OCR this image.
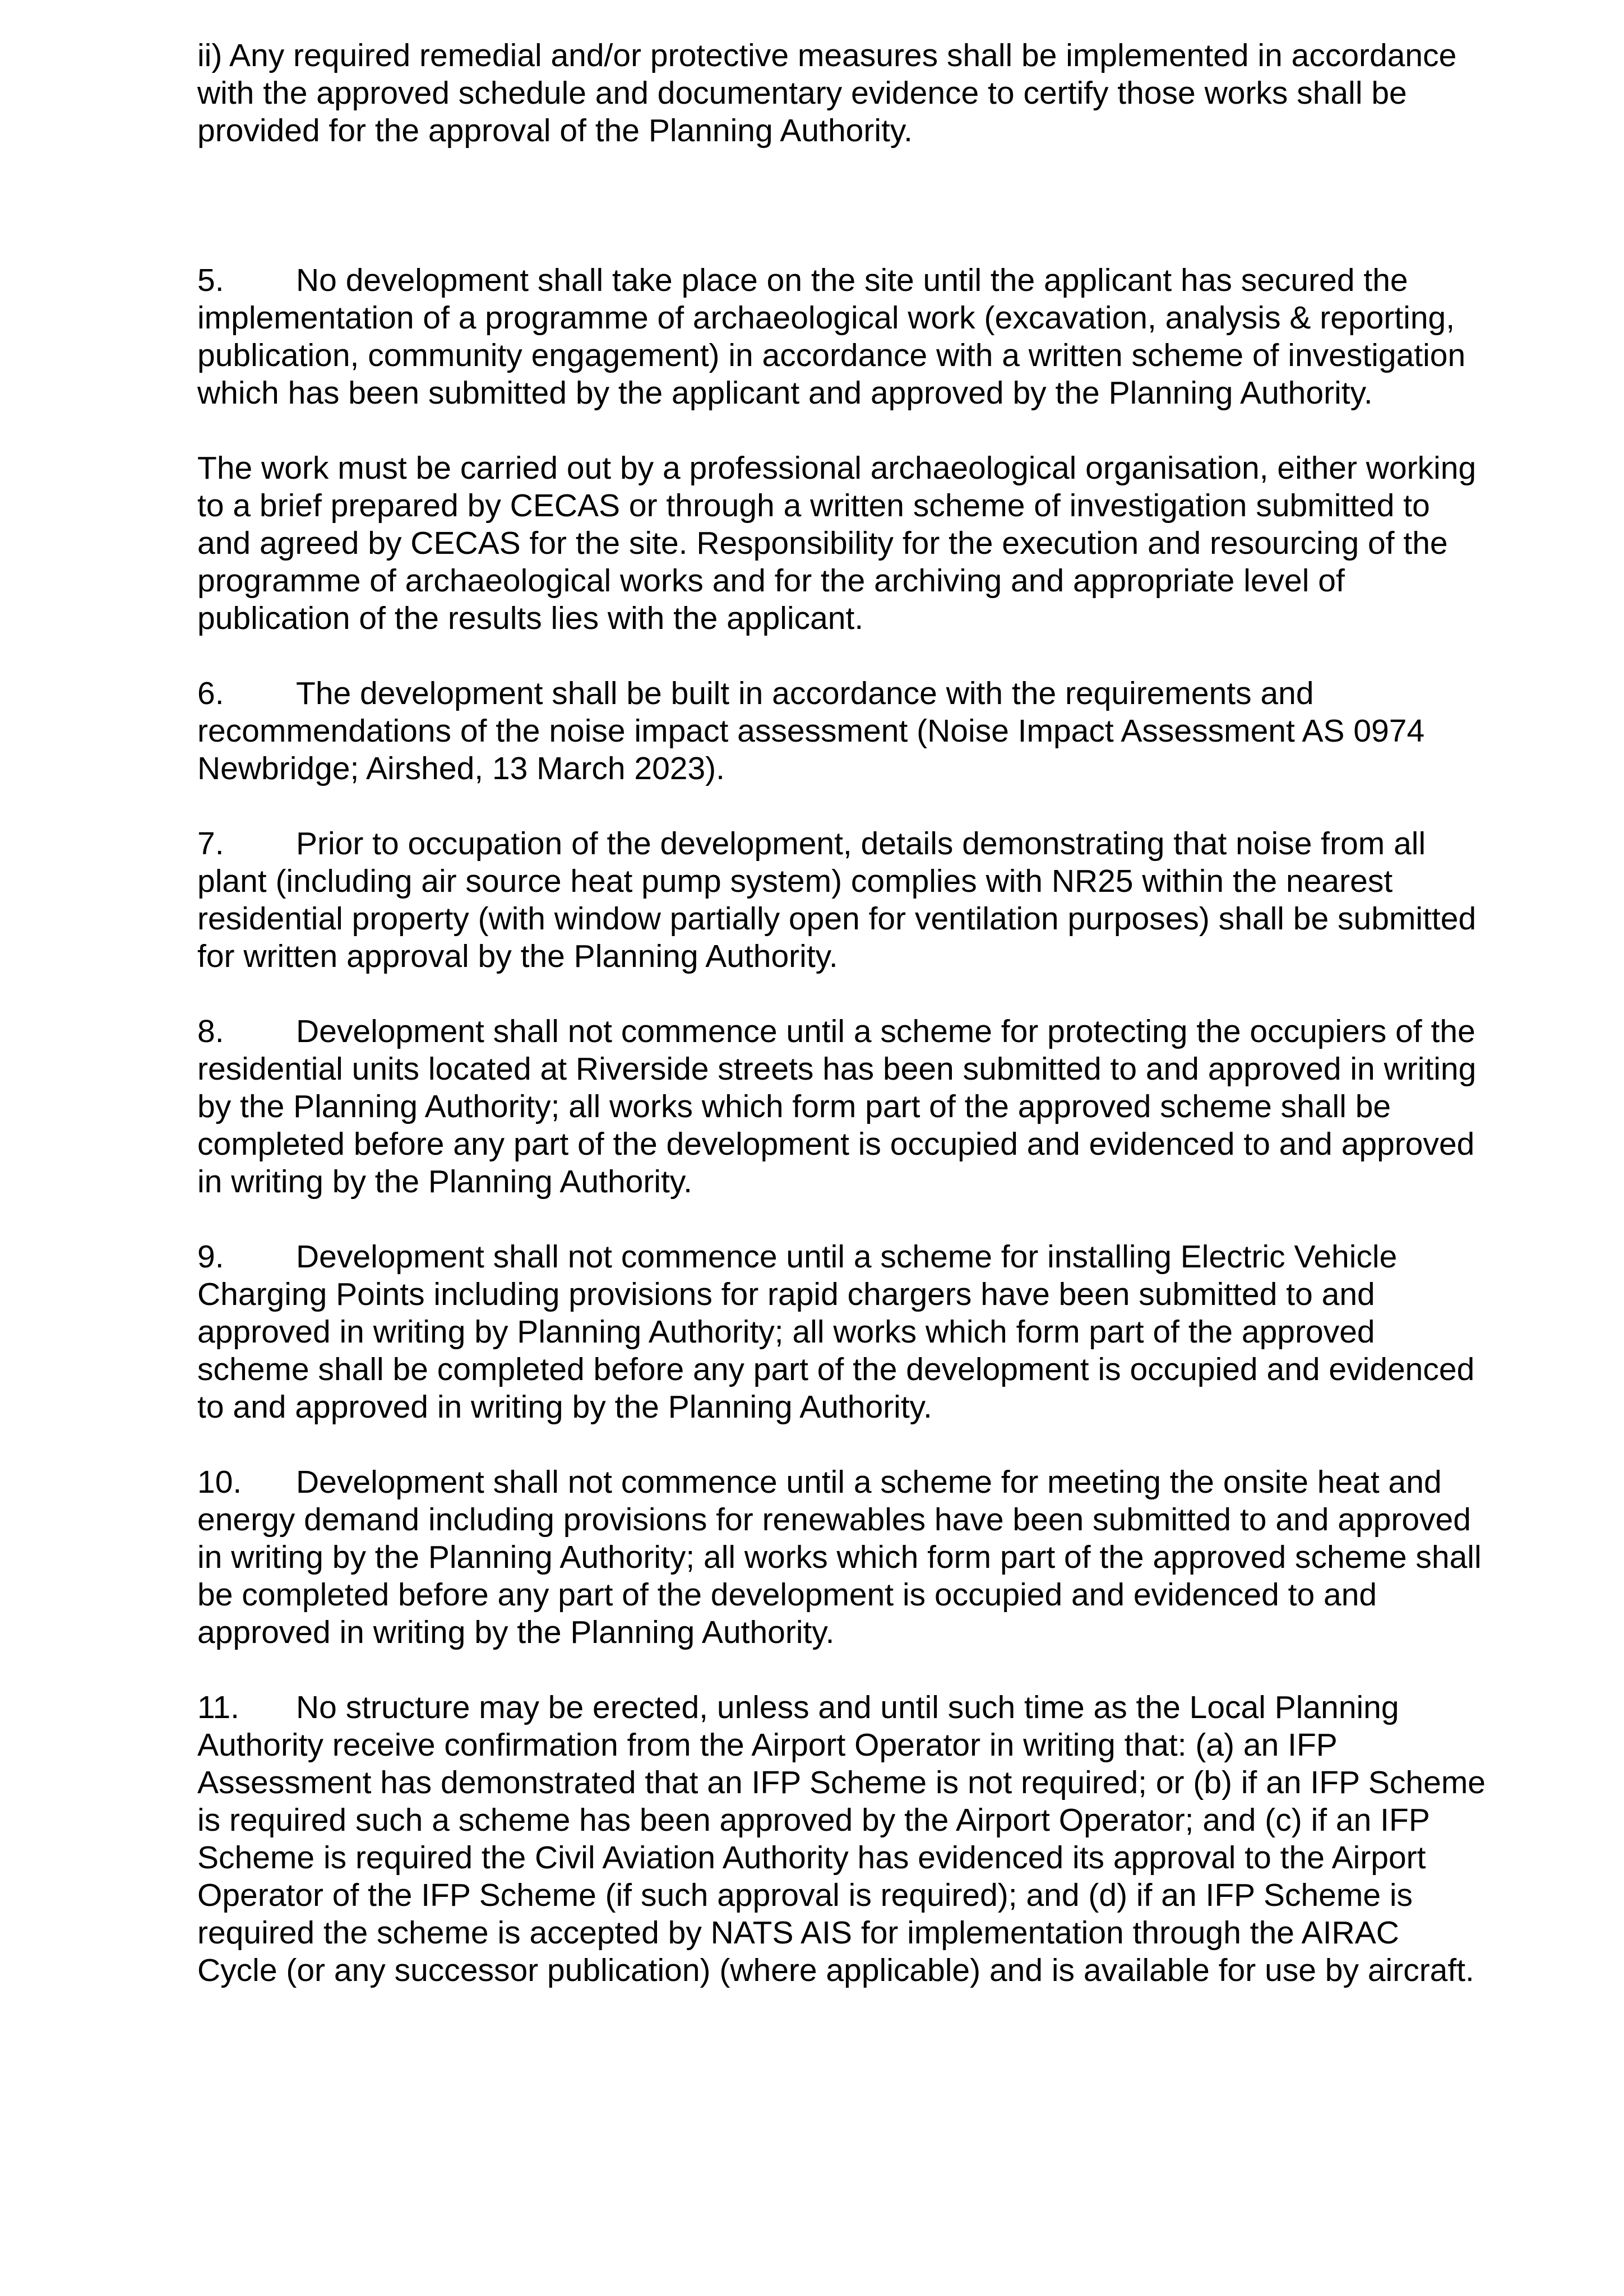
ii) Any required remedial and/or protective measures shall be implemented in accordance with the approved schedule and documentary evidence to certify those works shall be provided for the approval of the Planning Authority.

5. No development shall take place on the site until the applicant has secured the implementation of a programme of archaeological work (excavation, analysis & reporting, publication, community engagement) in accordance with a written scheme of investigation which has been submitted by the applicant and approved by the Planning Authority.

The work must be carried out by a professional archaeological organisation, either working to a brief prepared by CECAS or through a written scheme of investigation submitted to and agreed by CECAS for the site. Responsibility for the execution and resourcing of the programme of archaeological works and for the archiving and appropriate level of publication of the results lies with the applicant.

6. The development shall be built in accordance with the requirements and recommendations of the noise impact assessment (Noise Impact Assessment AS 0974 Newbridge; Airshed, 13 March 2023).

7. Prior to occupation of the development, details demonstrating that noise from all plant (including air source heat pump system) complies with NR25 within the nearest residential property (with window partially open for ventilation purposes) shall be submitted for written approval by the Planning Authority.

8. Development shall not commence until a scheme for protecting the occupiers of the residential units located at Riverside streets has been submitted to and approved in writing by the Planning Authority; all works which form part of the approved scheme shall be completed before any part of the development is occupied and evidenced to and approved in writing by the Planning Authority.

9. Development shall not commence until a scheme for installing Electric Vehicle Charging Points including provisions for rapid chargers have been submitted to and approved in writing by Planning Authority; all works which form part of the approved scheme shall be completed before any part of the development is occupied and evidenced to and approved in writing by the Planning Authority.

10. Development shall not commence until a scheme for meeting the onsite heat and energy demand including provisions for renewables have been submitted to and approved in writing by the Planning Authority; all works which form part of the approved scheme shall be completed before any part of the development is occupied and evidenced to and approved in writing by the Planning Authority.

11. No structure may be erected, unless and until such time as the Local Planning Authority receive confirmation from the Airport Operator in writing that: (a) an IFP Assessment has demonstrated that an IFP Scheme is not required; or (b) if an IFP Scheme is required such a scheme has been approved by the Airport Operator; and (c) if an IFP Scheme is required the Civil Aviation Authority has evidenced its approval to the Airport Operator of the IFP Scheme (if such approval is required); and (d) if an IFP Scheme is required the scheme is accepted by NATS AIS for implementation through the AIRAC Cycle (or any successor publication) (where applicable) and is available for use by aircraft.
